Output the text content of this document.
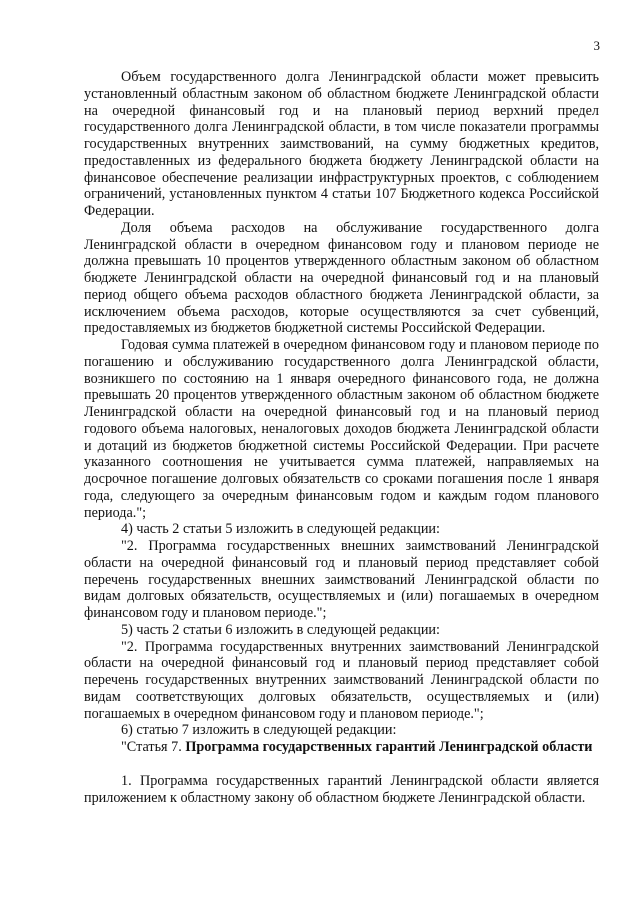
3

Объем государственного долга Ленинградской области может превысить установленный областным законом об областном бюджете Ленинградской области на очередной финансовый год и на плановый период верхний предел государственного долга Ленинградской области, в том числе показатели программы государственных внутренних заимствований, на сумму бюджетных кредитов, предоставленных из федерального бюджета бюджету Ленинградской области на финансовое обеспечение реализации инфраструктурных проектов, с соблюдением ограничений, установленных пунктом 4 статьи 107 Бюджетного кодекса Российской Федерации.

Доля объема расходов на обслуживание государственного долга Ленинградской области в очередном финансовом году и плановом периоде не должна превышать 10 процентов утвержденного областным законом об областном бюджете Ленинградской области на очередной финансовый год и на плановый период общего объема расходов областного бюджета Ленинградской области, за исключением объема расходов, которые осуществляются за счет субвенций, предоставляемых из бюджетов бюджетной системы Российской Федерации.

Годовая сумма платежей в очередном финансовом году и плановом периоде по погашению и обслуживанию государственного долга Ленинградской области, возникшего по состоянию на 1 января очередного финансового года, не должна превышать 20 процентов утвержденного областным законом об областном бюджете Ленинградской области на очередной финансовый год и на плановый период годового объема налоговых, неналоговых доходов бюджета Ленинградской области и дотаций из бюджетов бюджетной системы Российской Федерации. При расчете указанного соотношения не учитывается сумма платежей, направляемых на досрочное погашение долговых обязательств со сроками погашения после 1 января года, следующего за очередным финансовым годом и каждым годом планового периода.";

4) часть 2 статьи 5 изложить в следующей редакции:

"2. Программа государственных внешних заимствований Ленинградской области на очередной финансовый год и плановый период представляет собой перечень государственных внешних заимствований Ленинградской области по видам долговых обязательств, осуществляемых и (или) погашаемых в очередном финансовом году и плановом периоде.";

5) часть 2 статьи 6 изложить в следующей редакции:

"2. Программа государственных внутренних заимствований Ленинградской области на очередной финансовый год и плановый период представляет собой перечень государственных внутренних заимствований Ленинградской области по видам соответствующих долговых обязательств, осуществляемых и (или) погашаемых в очередном финансовом году и плановом периоде.";

6) статью 7 изложить в следующей редакции:

"Статья 7. Программа государственных гарантий Ленинградской области

1. Программа государственных гарантий Ленинградской области является приложением к областному закону об областном бюджете Ленинградской области.
